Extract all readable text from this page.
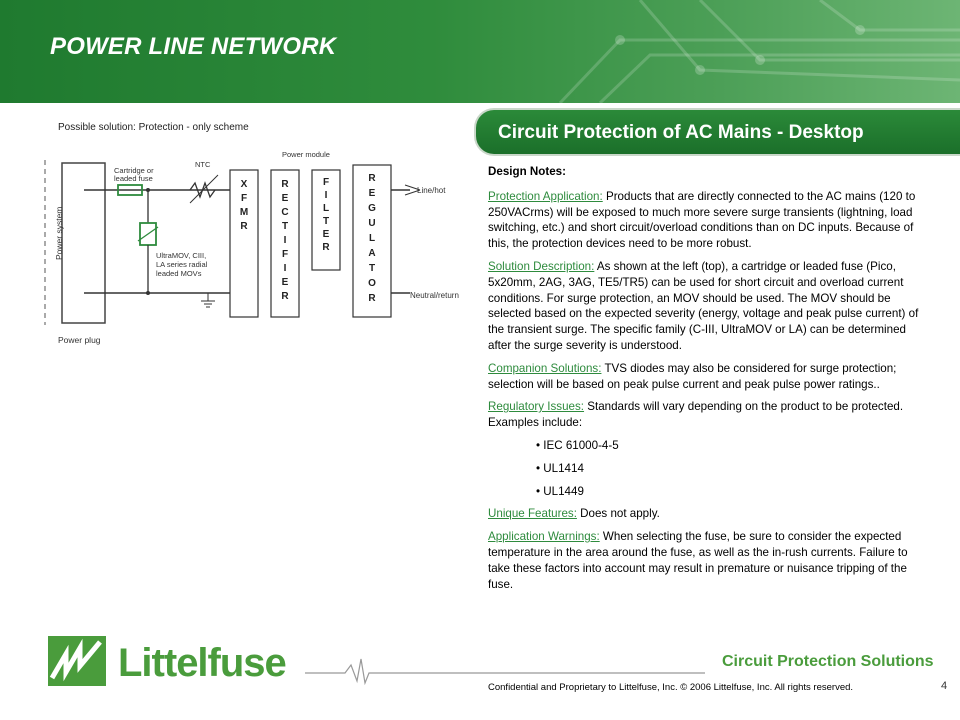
POWER LINE NETWORK
Circuit Protection of AC Mains - Desktop
Possible solution: Protection - only scheme
Power system
Power plug
Cartridge or
leaded fuse
NTC
UltraMOV, CIII,
LA series radial
leaded MOVs
Power module
X F M R
R E C T I F I E R
F I L T E R
R E G U L A T O R
Line/hot
Neutral/return

Design Notes:

Protection Application: Products that are directly connected to the AC mains (120 to 250VACrms) will be exposed to much more severe surge transients (lightning, load switching, etc.) and short circuit/overload conditions than on DC inputs. Because of this, the protection devices need to be more robust.

Solution Description: As shown at the left (top), a cartridge or leaded fuse (Pico, 5x20mm, 2AG, 3AG, TE5/TR5) can be used for short circuit and overload current conditions. For surge protection, an MOV should be used. The MOV should be selected based on the expected severity (energy, voltage and peak pulse current) of the transient surge. The specific family (C-III, UltraMOV or LA) can be determined after the surge severity is understood.

Companion Solutions: TVS diodes may also be considered for surge protection; selection will be based on peak pulse current and peak pulse power ratings..

Regulatory Issues: Standards will vary depending on the product to be protected. Examples include:

• IEC 61000-4-5

• UL1414

• UL1449

Unique Features: Does not apply.

Application Warnings: When selecting the fuse, be sure to consider the expected temperature in the area around the fuse, as well as the in-rush currents. Failure to take these factors into account may result in premature or nuisance tripping of the fuse.

Littelfuse	Circuit Protection Solutions
Confidential and Proprietary to Littelfuse, Inc. © 2006 Littelfuse, Inc. All rights reserved.	4
